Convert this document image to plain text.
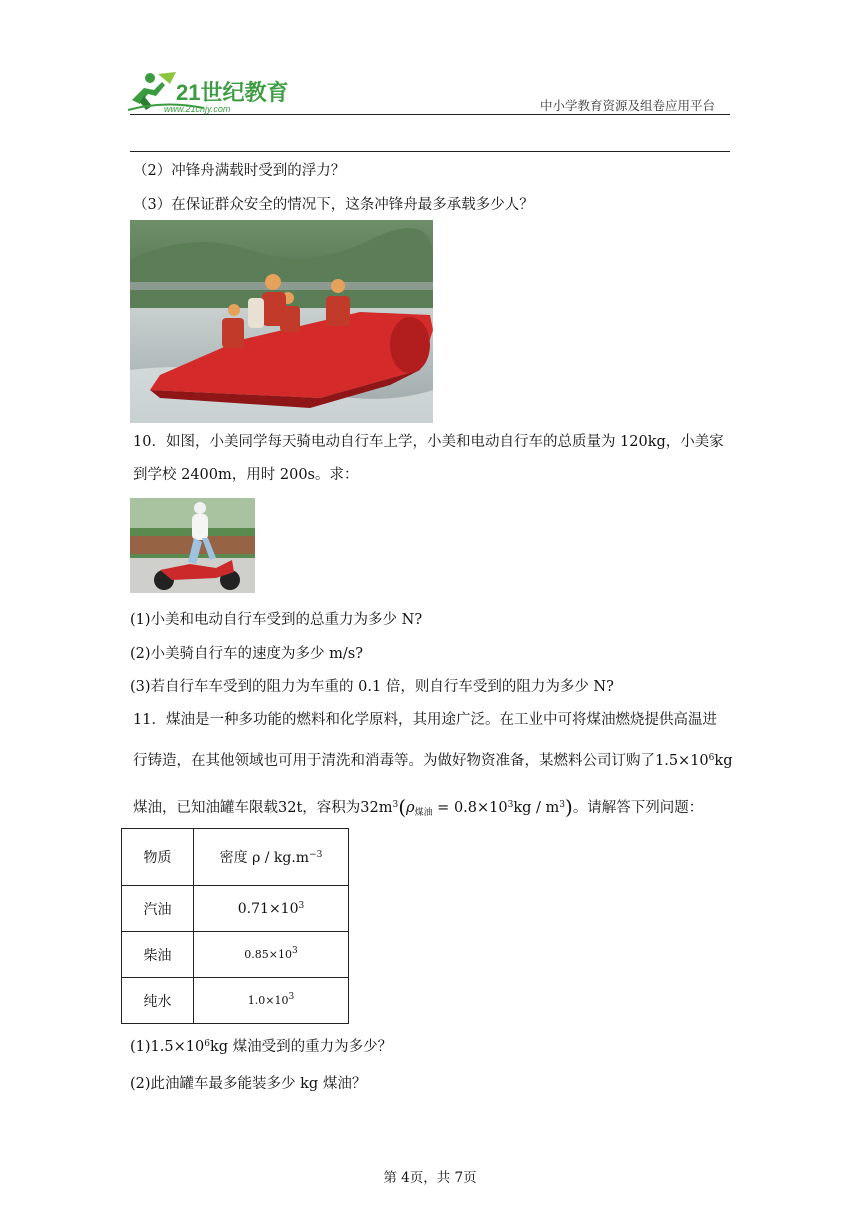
21世纪教育
www.21cnjy.com	中小学教育资源及组卷应用平台
（2）冲锋舟满载时受到的浮力？
（3）在保证群众安全的情况下，这条冲锋舟最多承载多少人？
10．如图，小美同学每天骑电动自行车上学，小美和电动自行车的总质量为 120kg，小美家
到学校 2400m，用时 200s。求：
(1)小美和电动自行车受到的总重力为多少 N?
(2)小美骑自行车的速度为多少 m/s?
(3)若自行车车受到的阻力为车重的 0.1 倍，则自行车受到的阻力为多少 N?
11．煤油是一种多功能的燃料和化学原料，其用途广泛。在工业中可将煤油燃烧提供高温进
行铸造，在其他领域也可用于清洗和消毒等。为做好物资准备，某燃料公司订购了$1.5\times 10^6kg$
煤油，已知油罐车限载32t，容积为$32m^3(\rho_{煤油} = 0.8\times 10^3kg / m^3)$。请解答下列问题：
物质	密度 ρ / $kg.m^{-3}$
汽油	$0.71\times 10^3$
柴油	$0.85\times 10^3$
纯水	$1.0\times 10^3$
$(1)1.5\times 10^6kg$ 煤油受到的重力为多少？
(2)此油罐车最多能装多少 kg 煤油？
第 4页，共 7页
